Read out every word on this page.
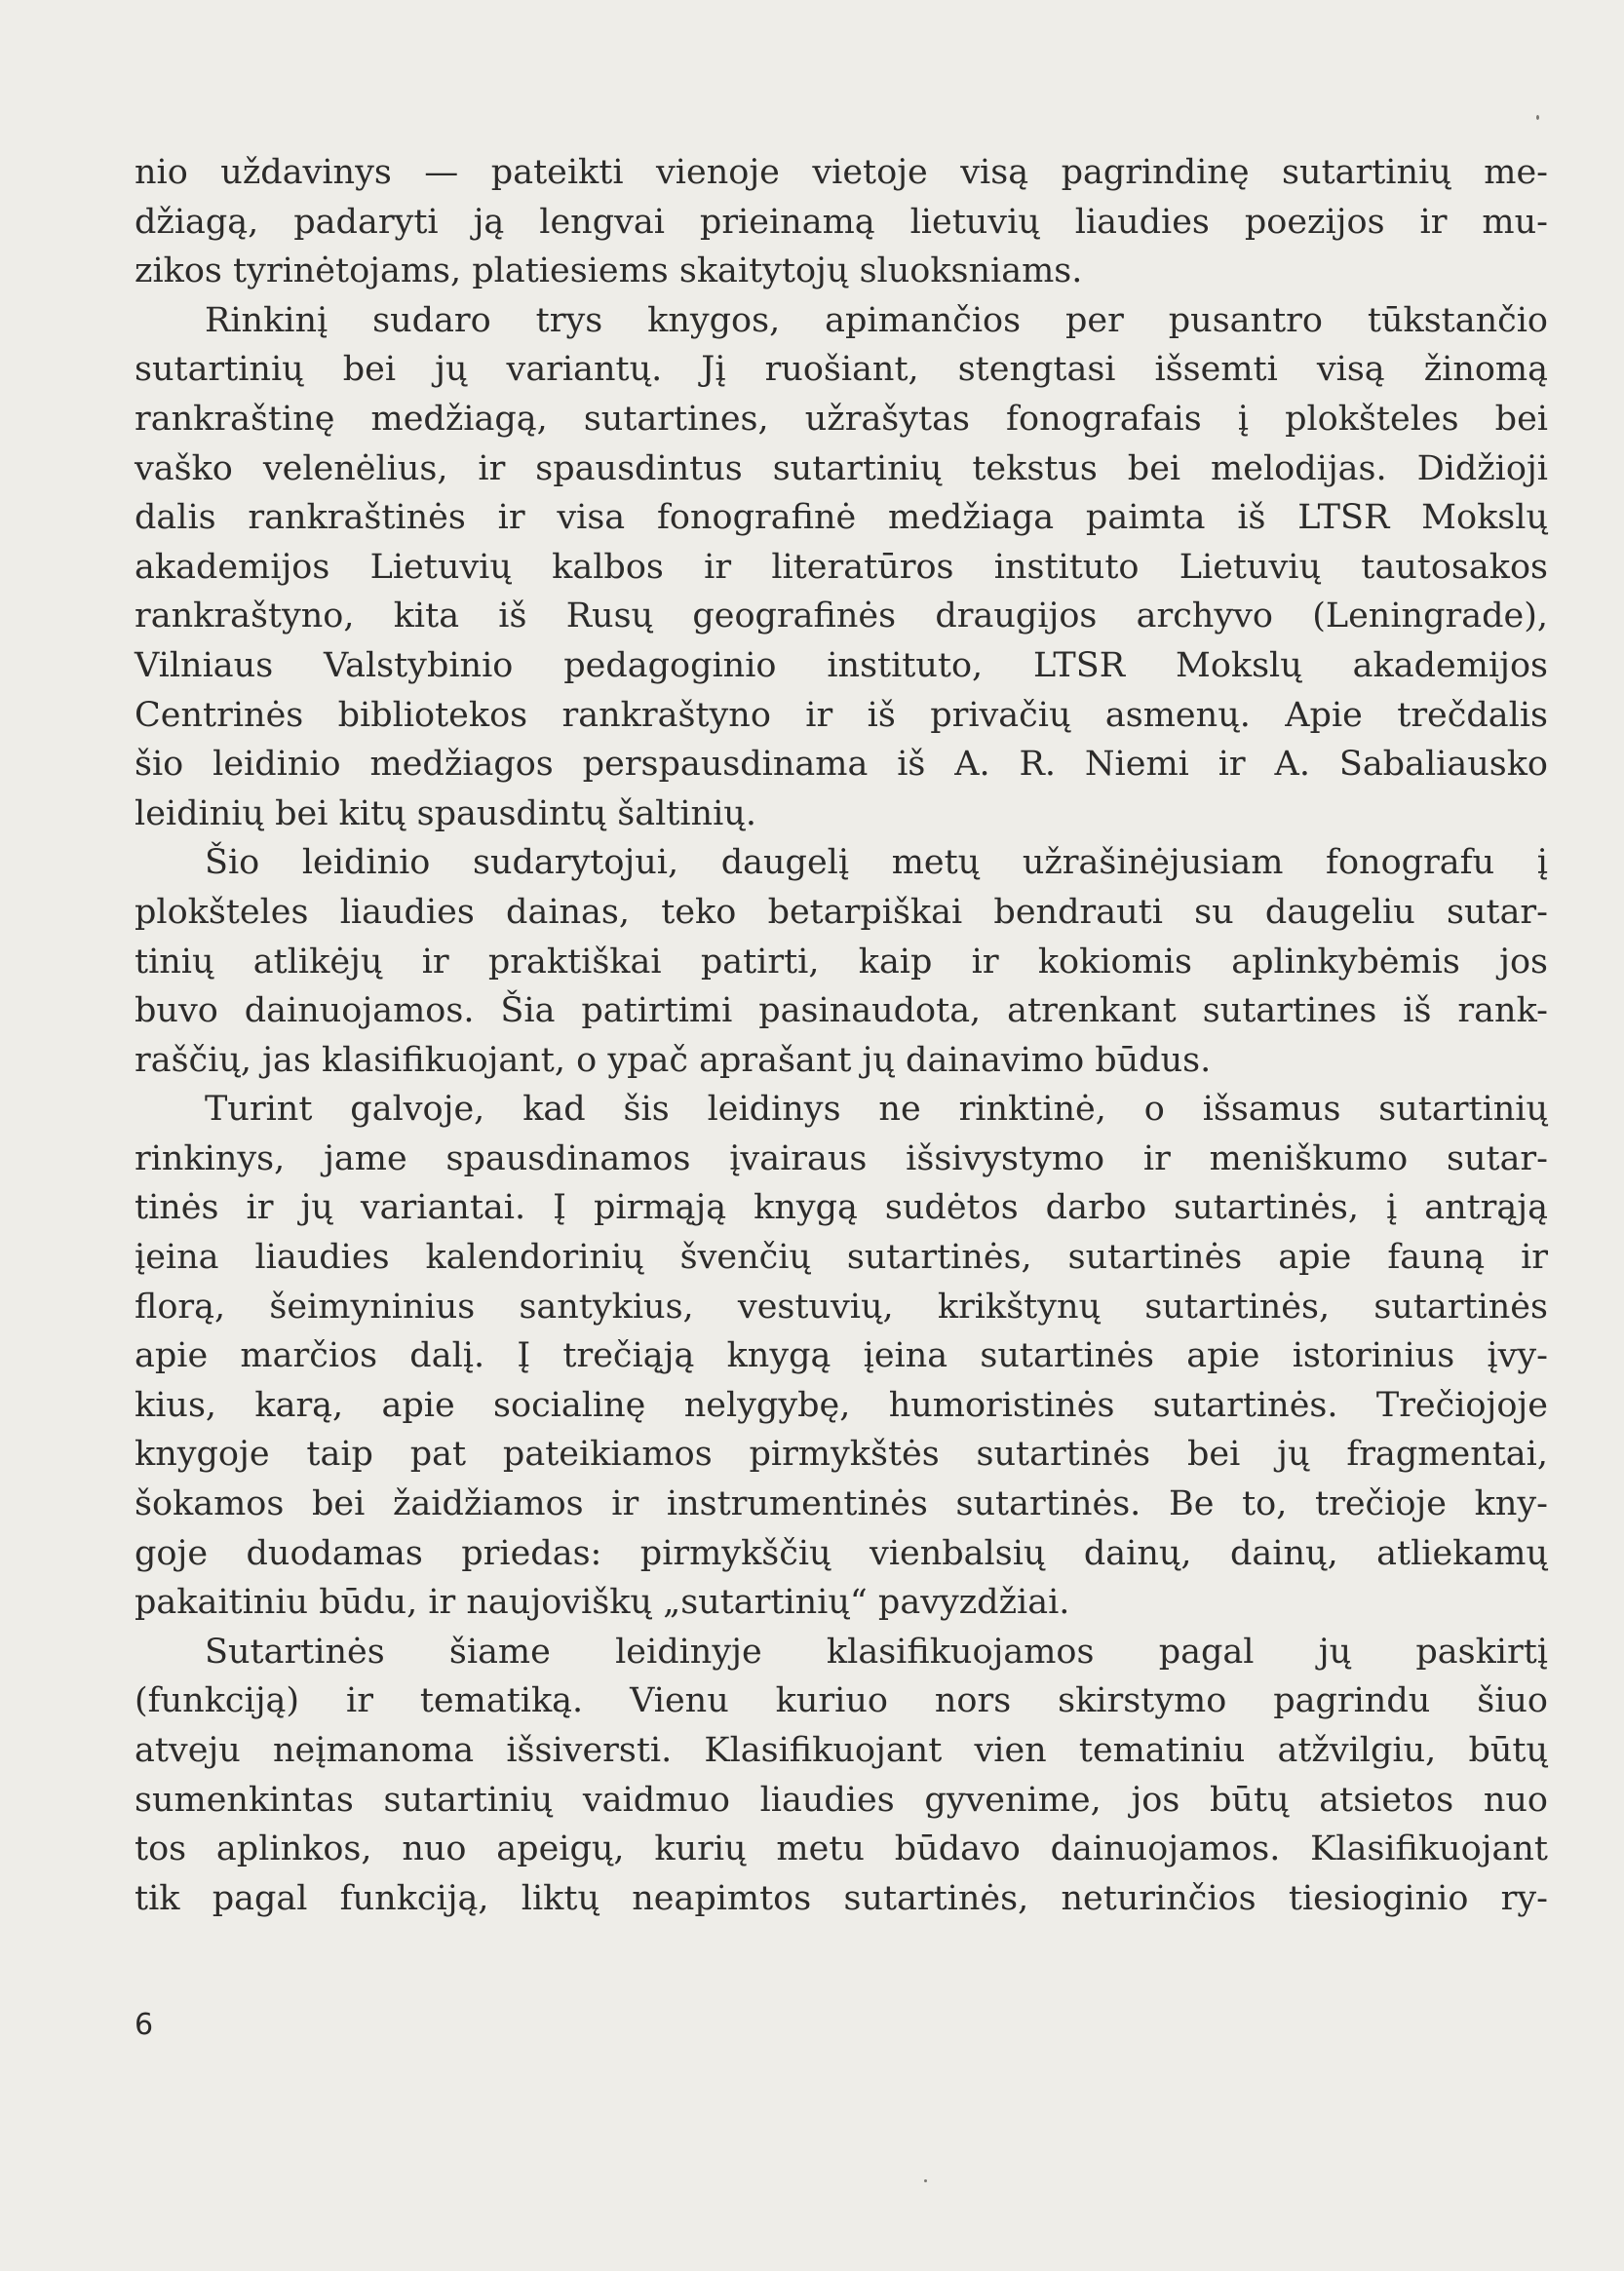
nio uždavinys — pateikti vienoje vietoje visą pagrindinę sutartinių me-
džiagą, padaryti ją lengvai prieinamą lietuvių liaudies poezijos ir mu-
zikos tyrinėtojams, platiesiems skaitytojų sluoksniams.
Rinkinį sudaro trys knygos, apimančios per pusantro tūkstančio
sutartinių bei jų variantų. Jį ruošiant, stengtasi išsemti visą žinomą
rankraštinę medžiagą, sutartines, užrašytas fonografais į plokšteles bei
vaško velenėlius, ir spausdintus sutartinių tekstus bei melodijas. Didžioji
dalis rankraštinės ir visa fonografinė medžiaga paimta iš LTSR Mokslų
akademijos Lietuvių kalbos ir literatūros instituto Lietuvių tautosakos
rankraštyno, kita iš Rusų geografinės draugijos archyvo (Leningrade),
Vilniaus Valstybinio pedagoginio instituto, LTSR Mokslų akademijos
Centrinės bibliotekos rankraštyno ir iš privačių asmenų. Apie trečdalis
šio leidinio medžiagos perspausdinama iš A. R. Niemi ir A. Sabaliausko
leidinių bei kitų spausdintų šaltinių.
Šio leidinio sudarytojui, daugelį metų užrašinėjusiam fonografu į
plokšteles liaudies dainas, teko betarpiškai bendrauti su daugeliu sutar-
tinių atlikėjų ir praktiškai patirti, kaip ir kokiomis aplinkybėmis jos
buvo dainuojamos. Šia patirtimi pasinaudota, atrenkant sutartines iš rank-
raščių, jas klasifikuojant, o ypač aprašant jų dainavimo būdus.
Turint galvoje, kad šis leidinys ne rinktinė, o išsamus sutartinių
rinkinys, jame spausdinamos įvairaus išsivystymo ir meniškumo sutar-
tinės ir jų variantai. Į pirmąją knygą sudėtos darbo sutartinės, į antrąją
įeina liaudies kalendorinių švenčių sutartinės, sutartinės apie fauną ir
florą, šeimyninius santykius, vestuvių, krikštynų sutartinės, sutartinės
apie marčios dalį. Į trečiąją knygą įeina sutartinės apie istorinius įvy-
kius, karą, apie socialinę nelygybę, humoristinės sutartinės. Trečiojoje
knygoje taip pat pateikiamos pirmykštės sutartinės bei jų fragmentai,
šokamos bei žaidžiamos ir instrumentinės sutartinės. Be to, trečioje kny-
goje duodamas priedas: pirmykščių vienbalsių dainų, dainų, atliekamų
pakaitiniu būdu, ir naujoviškų „sutartinių“ pavyzdžiai.
Sutartinės šiame leidinyje klasifikuojamos pagal jų paskirtį
(funkciją) ir tematiką. Vienu kuriuo nors skirstymo pagrindu šiuo
atveju neįmanoma išsiversti. Klasifikuojant vien tematiniu atžvilgiu, būtų
sumenkintas sutartinių vaidmuo liaudies gyvenime, jos būtų atsietos nuo
tos aplinkos, nuo apeigų, kurių metu būdavo dainuojamos. Klasifikuojant
tik pagal funkciją, liktų neapimtos sutartinės, neturinčios tiesioginio ry-
6
